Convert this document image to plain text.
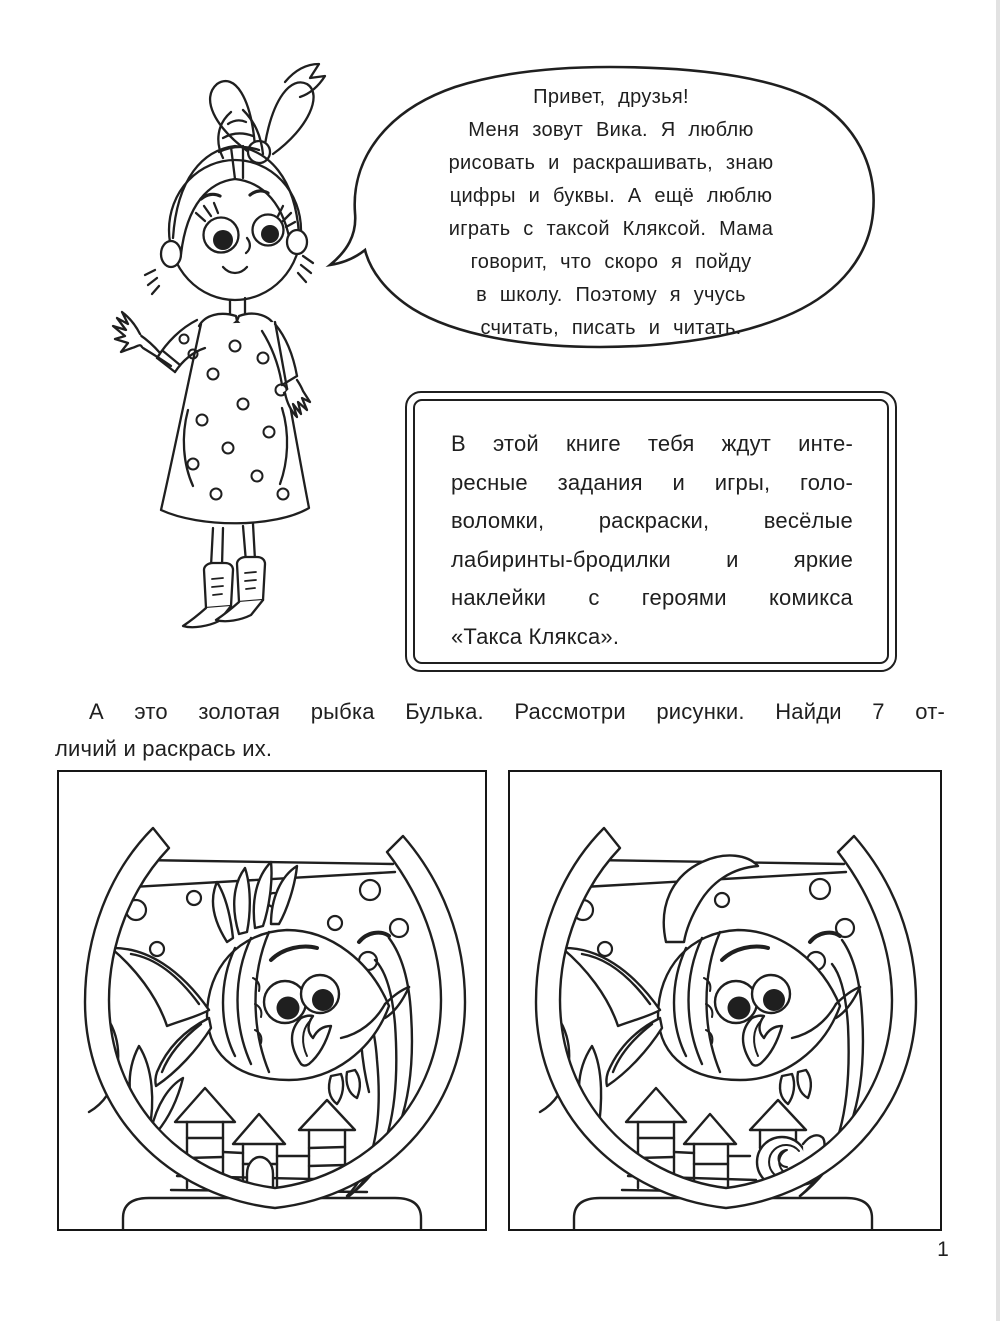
Привет, друзья!
Меня зовут Вика. Я люблю
рисовать и раскрашивать, знаю
цифры и буквы. А ещё люблю
играть с таксой Кляксой. Мама
говорит, что скоро я пойду
в школу. Поэтому я учусь
считать, писать и читать.
В этой книге тебя ждут инте-
ресные задания и игры, голо-
воломки, раскраски, весёлые
лабиринты-бродилки и яркие
наклейки с героями комикса
«Такса Клякса».
А это золотая рыбка Булька. Рассмотри рисунки. Найди 7 от-
личий и раскрась их.
1
